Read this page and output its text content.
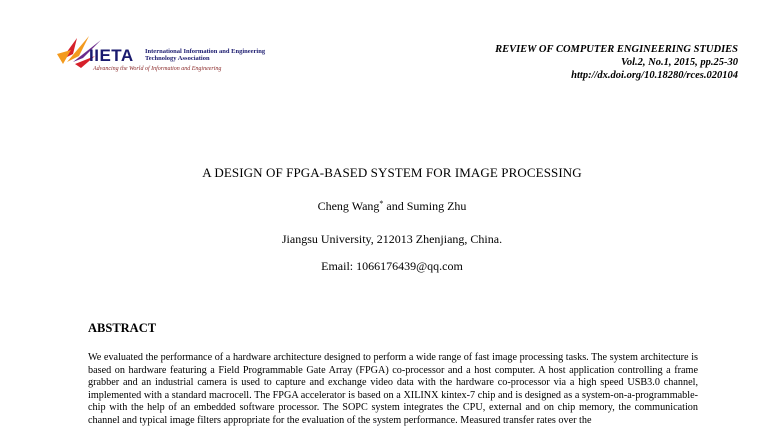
IIETA International Information and Engineering Technology Association
Advancing the World of Information and Engineering
REVIEW OF COMPUTER ENGINEERING STUDIES
Vol.2, No.1, 2015, pp.25-30
http://dx.doi.org/10.18280/rces.020104
A DESIGN OF FPGA-BASED SYSTEM FOR IMAGE PROCESSING
Cheng Wang* and Suming Zhu
Jiangsu University, 212013 Zhenjiang, China.
Email: 1066176439@qq.com
ABSTRACT

We evaluated the performance of a hardware architecture designed to perform a wide range of fast image processing tasks. The system architecture is based on hardware featuring a Field Programmable Gate Array (FPGA) co-processor and a host computer. A host application controlling a frame grabber and an industrial camera is used to capture and exchange video data with the hardware co-processor via a high speed USB3.0 channel, implemented with a standard macrocell. The FPGA accelerator is based on a XILINX kintex-7 chip and is designed as a system-on-a-programmable-chip with the help of an embedded software processor. The SOPC system integrates the CPU, external and on chip memory, the communication channel and typical image filters appropriate for the evaluation of the system performance. Measured transfer rates over the
